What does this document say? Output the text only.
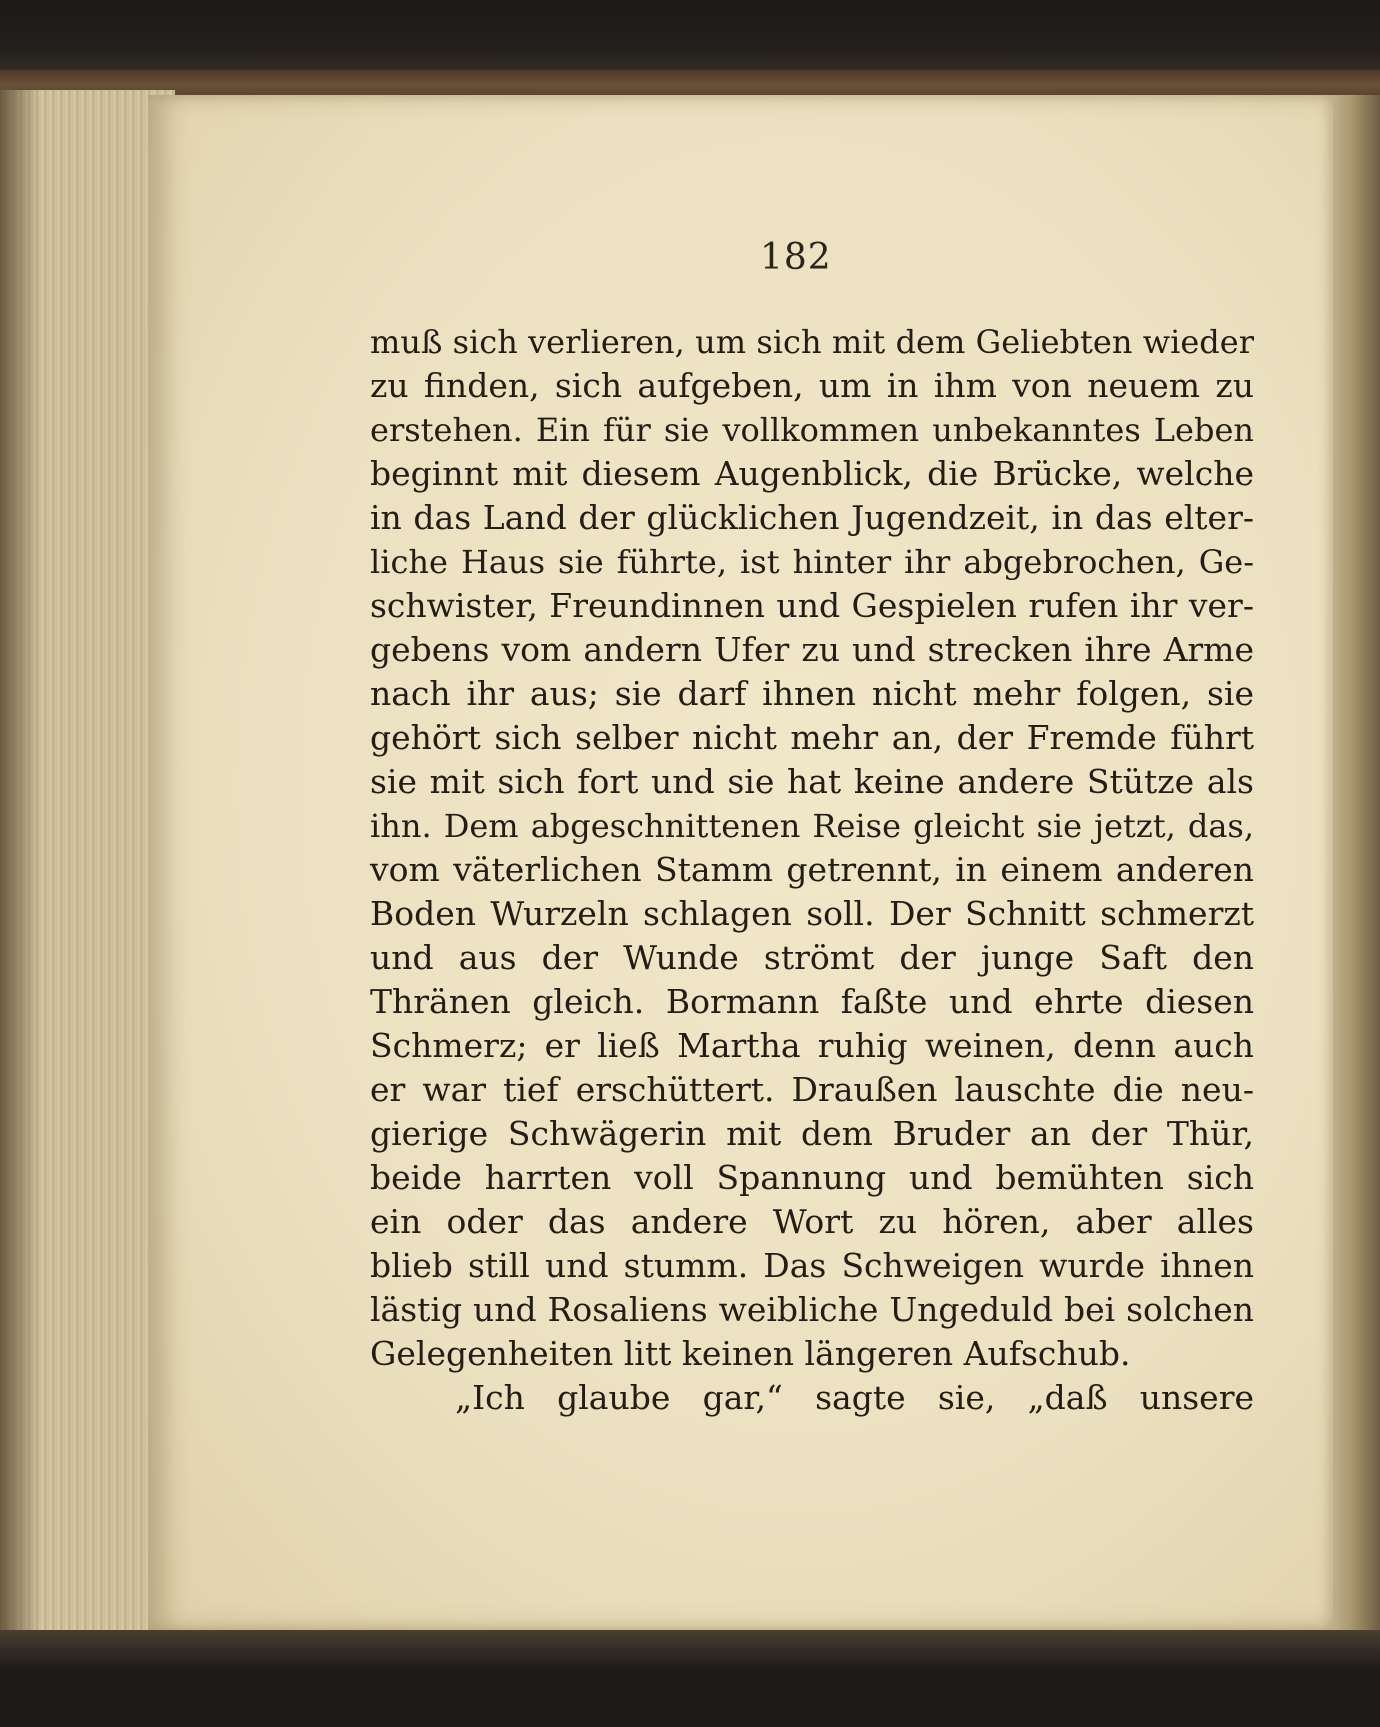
182
muß sich verlieren, um sich mit dem Geliebten wieder
zu finden, sich aufgeben, um in ihm von neuem zu
erstehen. Ein für sie vollkommen unbekanntes Leben
beginnt mit diesem Augenblick, die Brücke, welche
in das Land der glücklichen Jugendzeit, in das elter-
liche Haus sie führte, ist hinter ihr abgebrochen, Ge-
schwister, Freundinnen und Gespielen rufen ihr ver-
gebens vom andern Ufer zu und strecken ihre Arme
nach ihr aus; sie darf ihnen nicht mehr folgen, sie
gehört sich selber nicht mehr an, der Fremde führt
sie mit sich fort und sie hat keine andere Stütze als
ihn. Dem abgeschnittenen Reise gleicht sie jetzt, das,
vom väterlichen Stamm getrennt, in einem anderen
Boden Wurzeln schlagen soll. Der Schnitt schmerzt
und aus der Wunde strömt der junge Saft den
Thränen gleich. Bormann faßte und ehrte diesen
Schmerz; er ließ Martha ruhig weinen, denn auch
er war tief erschüttert. Draußen lauschte die neu-
gierige Schwägerin mit dem Bruder an der Thür,
beide harrten voll Spannung und bemühten sich
ein oder das andere Wort zu hören, aber alles
blieb still und stumm. Das Schweigen wurde ihnen
lästig und Rosaliens weibliche Ungeduld bei solchen
Gelegenheiten litt keinen längeren Aufschub.
„Ich glaube gar,“ sagte sie, „daß unsere
